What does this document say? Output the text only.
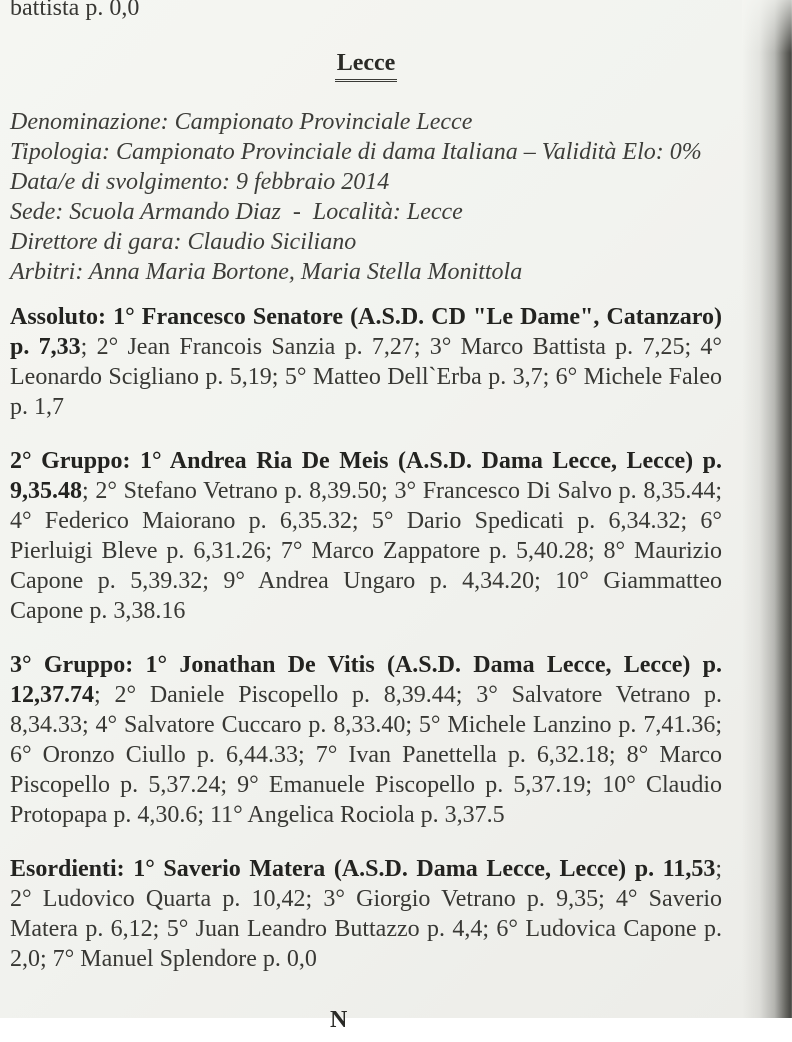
battista p. 0,0
Lecce
Denominazione: Campionato Provinciale Lecce
Tipologia: Campionato Provinciale di dama Italiana – Validità Elo: 0%
Data/e di svolgimento: 9 febbraio 2014
Sede: Scuola Armando Diaz  -  Località: Lecce
Direttore di gara: Claudio Siciliano
Arbitri: Anna Maria Bortone, Maria Stella Monittola

Assoluto: 1° Francesco Senatore (A.S.D. CD "Le Dame", Catanzaro) p. 7,33; 2° Jean Francois Sanzia p. 7,27; 3° Marco Battista p. 7,25; 4° Leonardo Scigliano p. 5,19; 5° Matteo Dell`Erba p. 3,7; 6° Michele Faleo p. 1,7

2° Gruppo: 1° Andrea Ria De Meis (A.S.D. Dama Lecce, Lecce) p. 9,35.48; 2° Stefano Vetrano p. 8,39.50; 3° Francesco Di Salvo p. 8,35.44; 4° Federico Maiorano p. 6,35.32; 5° Dario Spedicati p. 6,34.32; 6° Pierluigi Bleve p. 6,31.26; 7° Marco Zappatore p. 5,40.28; 8° Maurizio Capone p. 5,39.32; 9° Andrea Ungaro p. 4,34.20; 10° Giammatteo Capone p. 3,38.16

3° Gruppo: 1° Jonathan De Vitis (A.S.D. Dama Lecce, Lecce) p. 12,37.74; 2° Daniele Piscopello p. 8,39.44; 3° Salvatore Vetrano p. 8,34.33; 4° Salvatore Cuccaro p. 8,33.40; 5° Michele Lanzino p. 7,41.36; 6° Oronzo Ciullo p. 6,44.33; 7° Ivan Panettella p. 6,32.18; 8° Marco Piscopello p. 5,37.24; 9° Emanuele Piscopello p. 5,37.19; 10° Claudio Protopapa p. 4,30.6; 11° Angelica Rociola p. 3,37.5

Esordienti: 1° Saverio Matera (A.S.D. Dama Lecce, Lecce) p. 11,53; 2° Ludovico Quarta p. 10,42; 3° Giorgio Vetrano p. 9,35; 4° Saverio Matera p. 6,12; 5° Juan Leandro Buttazzo p. 4,4; 6° Ludovica Capone p. 2,0; 7° Manuel Splendore p. 0,0

N
